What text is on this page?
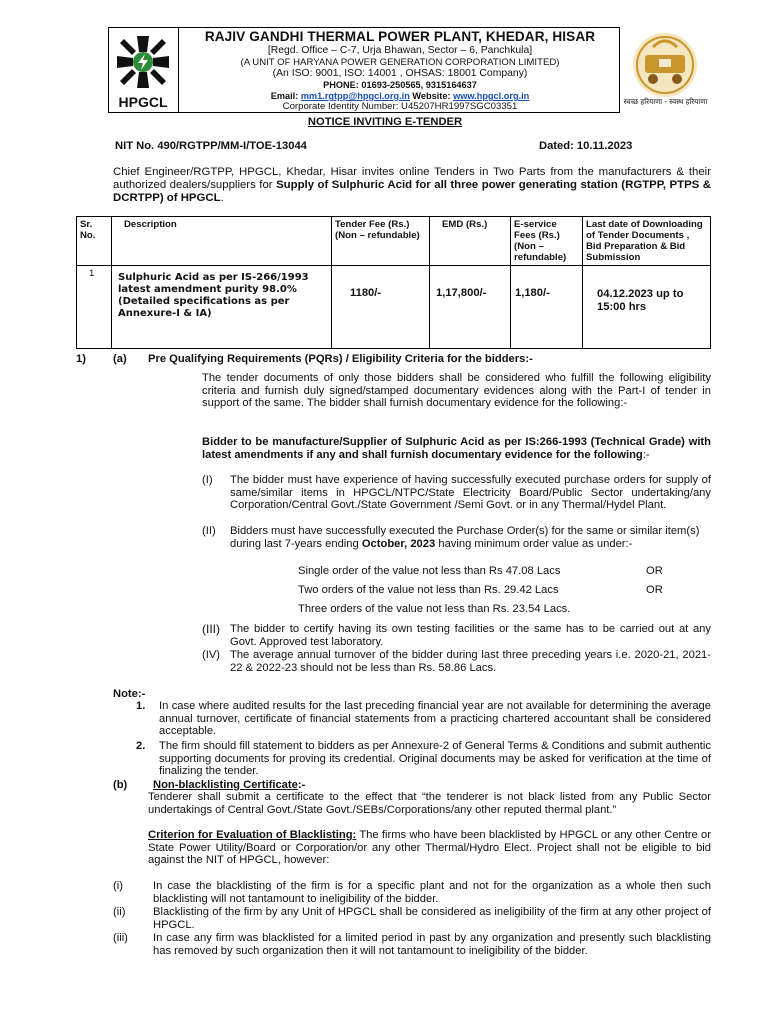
HPGCL
RAJIV GANDHI THERMAL POWER PLANT, KHEDAR, HISAR
[Regd. Office – C-7, Urja Bhawan, Sector – 6, Panchkula]
(A UNIT OF HARYANA POWER GENERATION CORPORATION LIMITED)
(An ISO: 9001, ISO: 14001 , OHSAS: 18001 Company)
PHONE: 01693-250565, 9315164637
Email: mm1.rgtpp@hpgcl.org.in Website: www.hpgcl.org.in
Corporate Identity Number: U45207HR1997SGC03351	स्वच्छ हरियाणा - स्वस्थ हरियाणा
NOTICE INVITING E-TENDER
NIT No. 490/RGTPP/MM-I/TOE-13044	Dated: 10.11.2023
Chief Engineer/RGTPP, HPGCL, Khedar, Hisar invites online Tenders in Two Parts from the manufacturers & their authorized dealers/suppliers for Supply of Sulphuric Acid for all three power generating station (RGTPP, PTPS & DCRTPP) of HPGCL.
Sr. No.	Description	Tender Fee (Rs.) (Non – refundable)	EMD (Rs.)	E-service Fees (Rs.) (Non – refundable)	Last date of Downloading of Tender Documents , Bid Preparation & Bid Submission
1	Sulphuric Acid as per IS-266/1993 latest amendment purity 98.0% (Detailed specifications as per Annexure-I & IA)	1180/-	1,17,800/-	1,180/-	04.12.2023 up to 15:00 hrs
1) (a) Pre Qualifying Requirements (PQRs) / Eligibility Criteria for the bidders:-
The tender documents of only those bidders shall be considered who fulfill the following eligibility criteria and furnish duly signed/stamped documentary evidences along with the Part-I of tender in support of the same. The bidder shall furnish documentary evidence for the following:-
Bidder to be manufacture/Supplier of Sulphuric Acid as per IS:266-1993 (Technical Grade) with latest amendments if any and shall furnish documentary evidence for the following:-
(I) The bidder must have experience of having successfully executed purchase orders for supply of same/similar items in HPGCL/NTPC/State Electricity Board/Public Sector undertaking/any Corporation/Central Govt./State Government /Semi Govt. or in any Thermal/Hydel Plant.
(II) Bidders must have successfully executed the Purchase Order(s) for the same or similar item(s) during last 7-years ending October, 2023 having minimum order value as under:-
Single order of the value not less than Rs 47.08 Lacs	OR
Two orders of the value not less than Rs. 29.42 Lacs	OR
Three orders of the value not less than Rs. 23.54 Lacs.
(III) The bidder to certify having its own testing facilities or the same has to be carried out at any Govt. Approved test laboratory.
(IV) The average annual turnover of the bidder during last three preceding years i.e. 2020-21, 2021-22 & 2022-23 should not be less than Rs. 58.86 Lacs.
Note:-
1. In case where audited results for the last preceding financial year are not available for determining the average annual turnover, certificate of financial statements from a practicing chartered accountant shall be considered acceptable.
2. The firm should fill statement to bidders as per Annexure-2 of General Terms & Conditions and submit authentic supporting documents for proving its credential. Original documents may be asked for verification at the time of finalizing the tender.
(b) Non-blacklisting Certificate:-
Tenderer shall submit a certificate to the effect that “the tenderer is not black listed from any Public Sector undertakings of Central Govt./State Govt./SEBs/Corporations/any other reputed thermal plant.”
Criterion for Evaluation of Blacklisting: The firms who have been blacklisted by HPGCL or any other Centre or State Power Utility/Board or Corporation/or any other Thermal/Hydro Elect. Project shall not be eligible to bid against the NIT of HPGCL, however:
(i)	In case the blacklisting of the firm is for a specific plant and not for the organization as a whole then such blacklisting will not tantamount to ineligibility of the bidder.
(ii) Blacklisting of the firm by any Unit of HPGCL shall be considered as ineligibility of the firm at any other project of HPGCL.
(iii) In case any firm was blacklisted for a limited period in past by any organization and presently such blacklisting has removed by such organization then it will not tantamount to ineligibility of the bidder.
